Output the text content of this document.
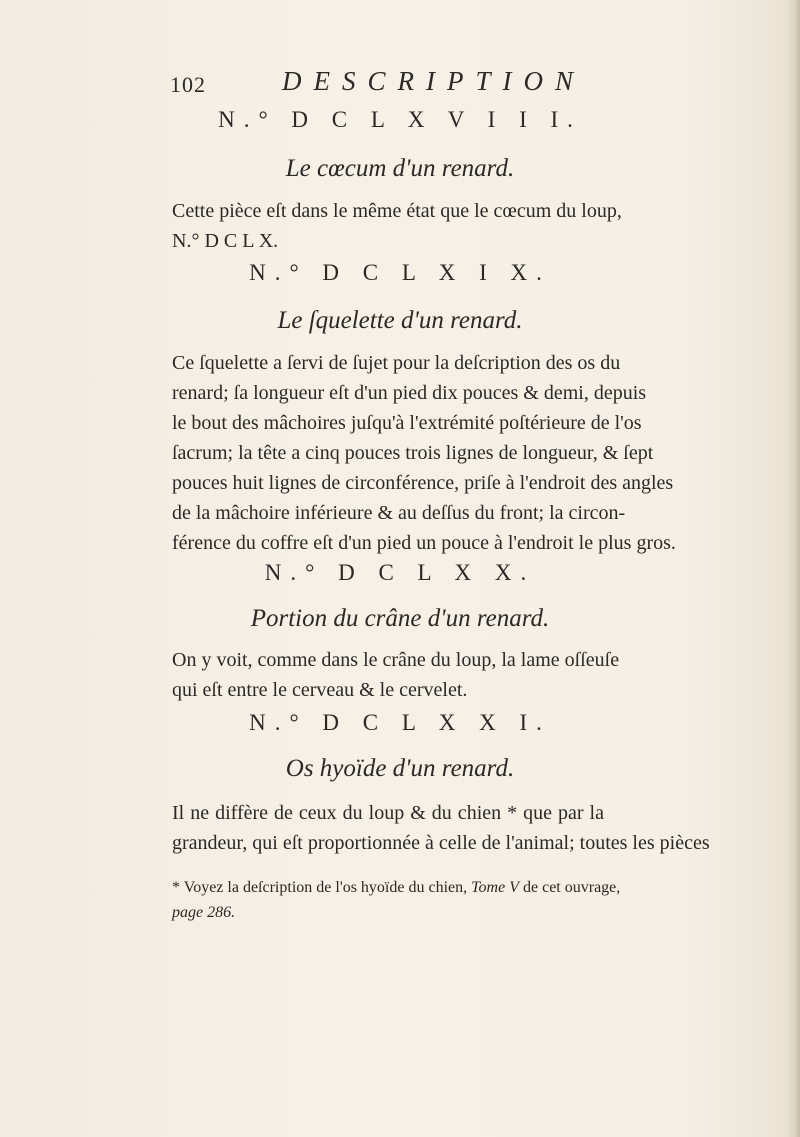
102	DESCRIPTION
N.° D C L X V I I I.
Le cœcum d'un renard.
Cette pièce eſt dans le même état que le cœcum du loup,
N.° D C L X.
N.° D C L X I X.
Le ſquelette d'un renard.
Ce ſquelette a ſervi de ſujet pour la deſcription des os du
renard; ſa longueur eſt d'un pied dix pouces & demi, depuis
le bout des mâchoires juſqu'à l'extrémité poſtérieure de l'os
ſacrum; la tête a cinq pouces trois lignes de longueur, & ſept
pouces huit lignes de circonférence, priſe à l'endroit des angles
de la mâchoire inférieure & au deſſus du front; la circon-
férence du coffre eſt d'un pied un pouce à l'endroit le plus gros.
N.° D C L X X.
Portion du crâne d'un renard.
On y voit, comme dans le crâne du loup, la lame oſſeuſe
qui eſt entre le cerveau & le cervelet.
N.° D C L X X I.
Os hyoïde d'un renard.
Il ne diffère de ceux du loup & du chien * que par la
grandeur, qui eſt proportionnée à celle de l'animal; toutes les pièces
* Voyez la deſcription de l'os hyoïde du chien, Tome V de cet ouvrage,
page 286.
